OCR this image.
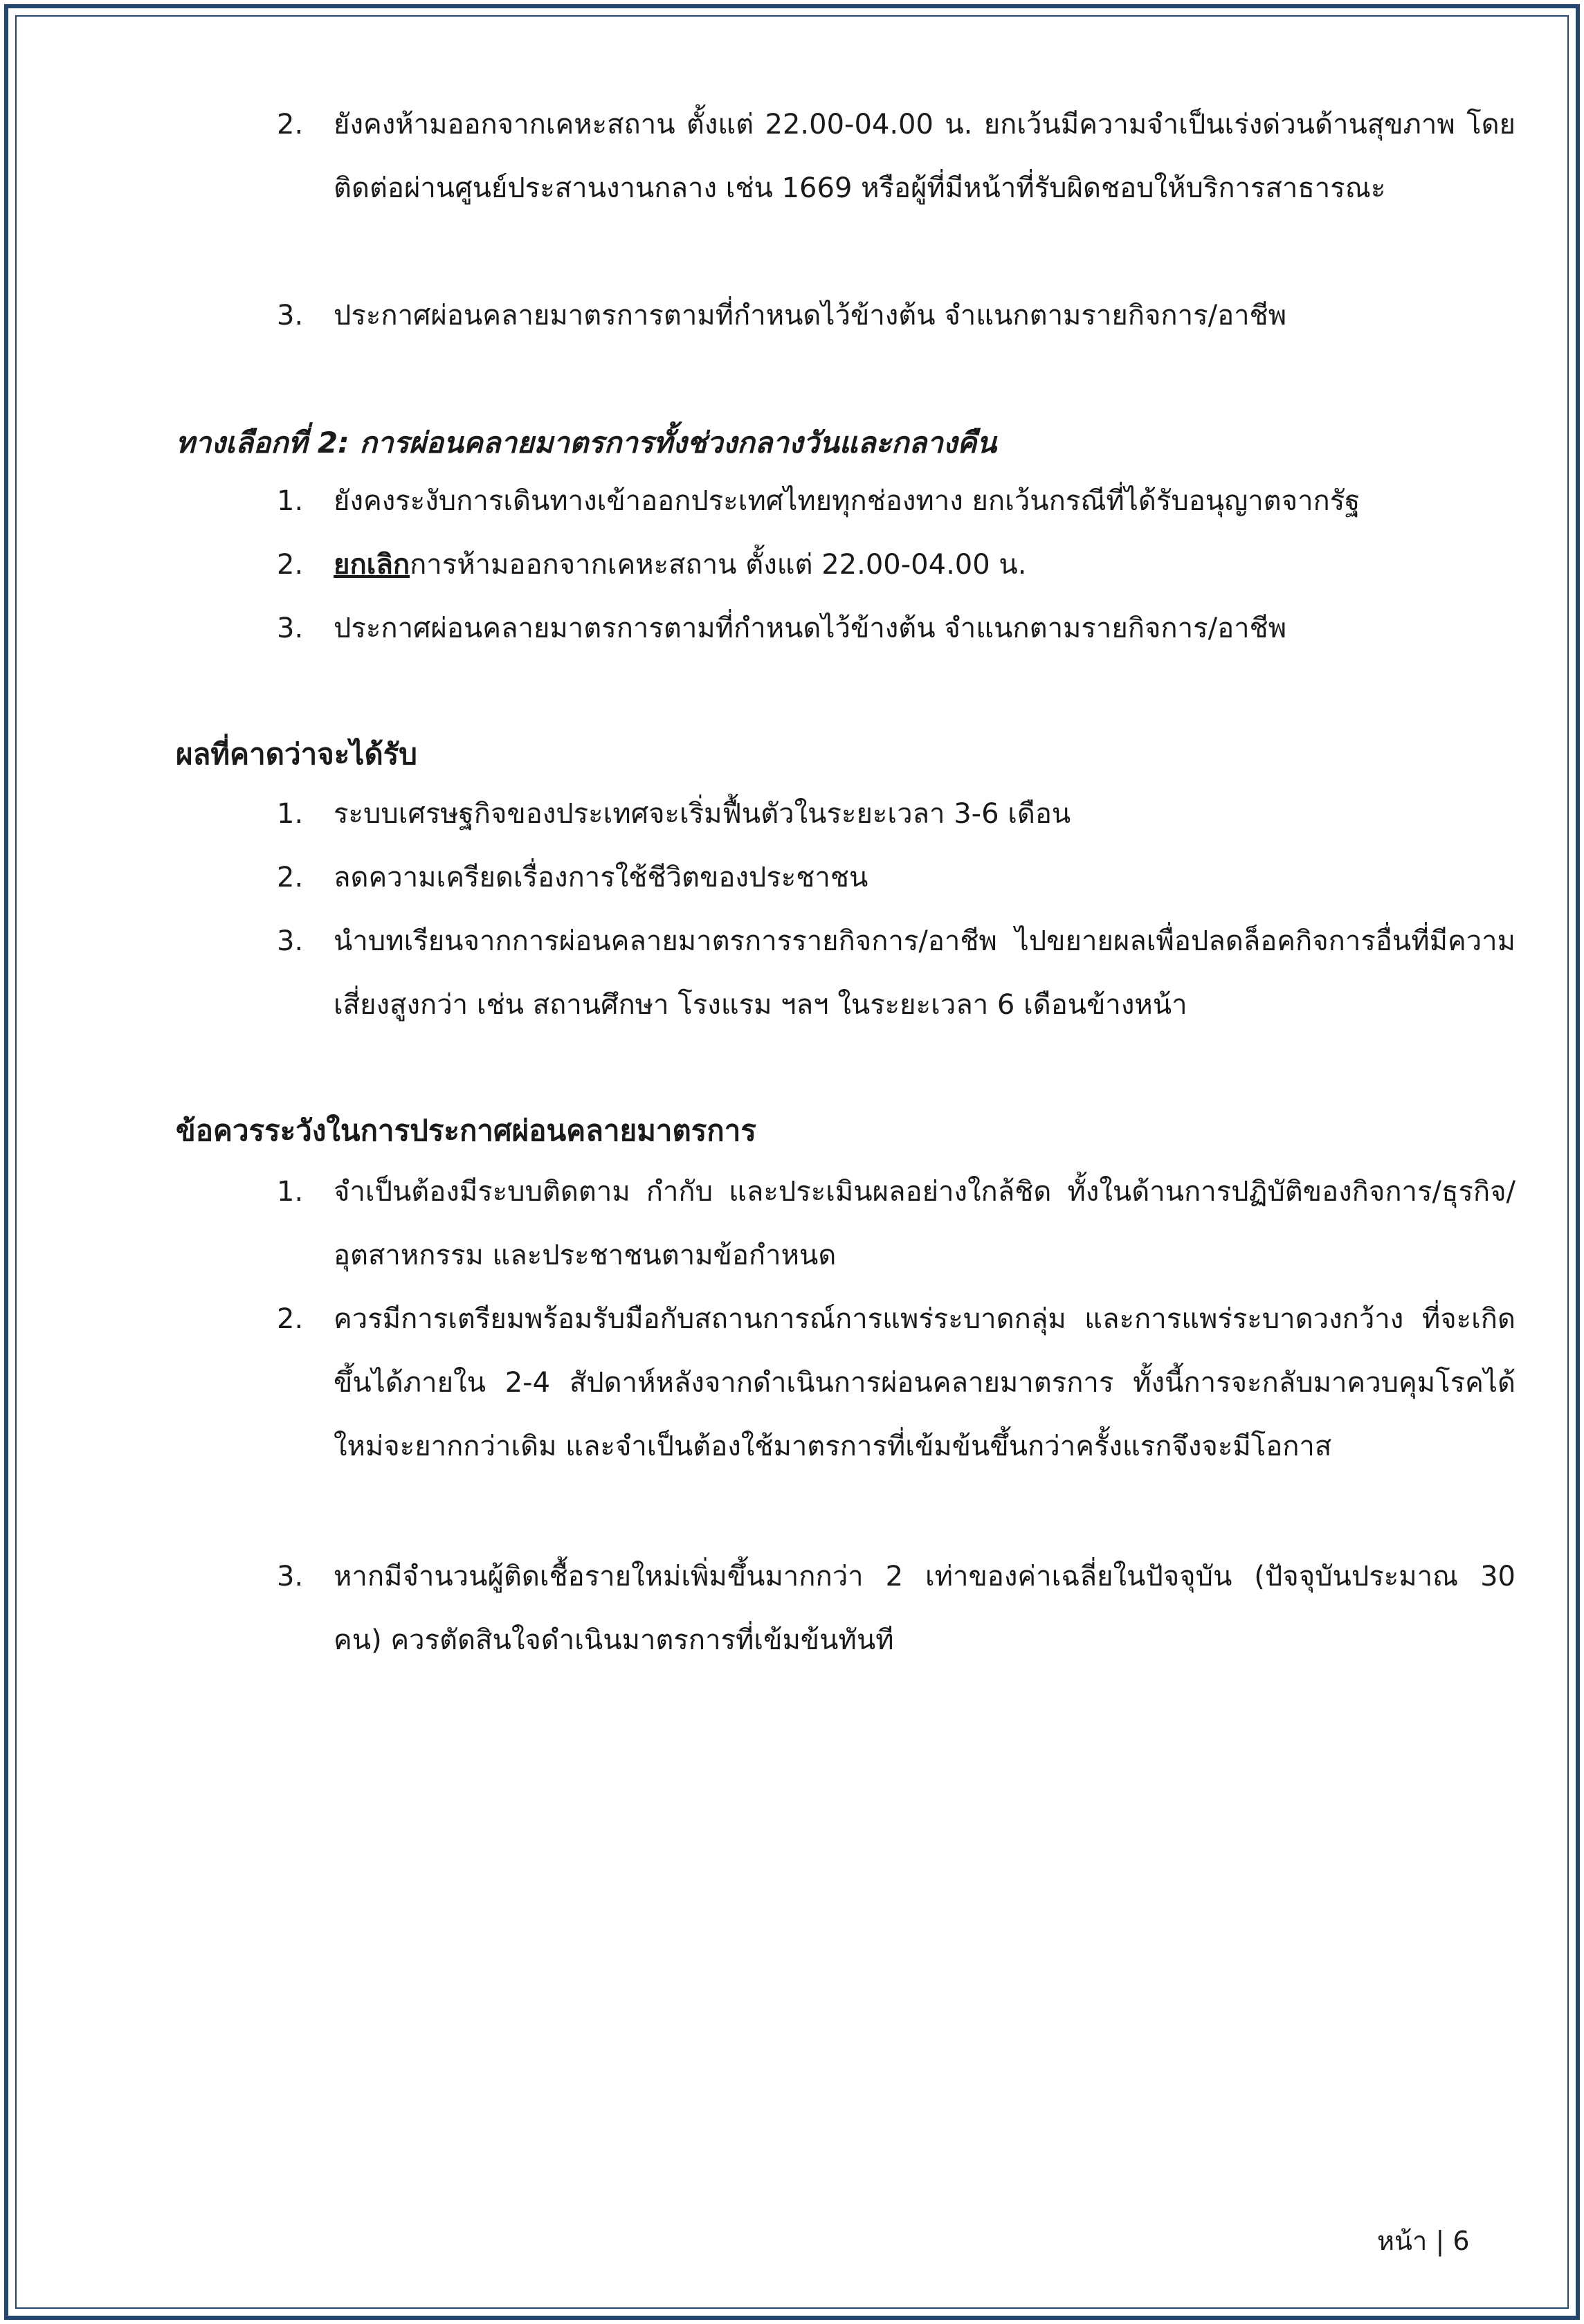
2.	ยังคงห้ามออกจากเคหะสถาน ตั้งแต่ 22.00-04.00 น. ยกเว้นมีความจำเป็นเร่งด่วนด้านสุขภาพ โดยติดต่อผ่านศูนย์ประสานงานกลาง เช่น 1669 หรือผู้ที่มีหน้าที่รับผิดชอบให้บริการสาธารณะ
3.	ประกาศผ่อนคลายมาตรการตามที่กำหนดไว้ข้างต้น จำแนกตามรายกิจการ/อาชีพ
ทางเลือกที่ 2: การผ่อนคลายมาตรการทั้งช่วงกลางวันและกลางคืน
1.	ยังคงระงับการเดินทางเข้าออกประเทศไทยทุกช่องทาง ยกเว้นกรณีที่ได้รับอนุญาตจากรัฐ
2.	ยกเลิกการห้ามออกจากเคหะสถาน ตั้งแต่ 22.00-04.00 น.
3.	ประกาศผ่อนคลายมาตรการตามที่กำหนดไว้ข้างต้น จำแนกตามรายกิจการ/อาชีพ
ผลที่คาดว่าจะได้รับ
1.	ระบบเศรษฐกิจของประเทศจะเริ่มฟื้นตัวในระยะเวลา 3-6 เดือน
2.	ลดความเครียดเรื่องการใช้ชีวิตของประชาชน
3.	นำบทเรียนจากการผ่อนคลายมาตรการรายกิจการ/อาชีพ ไปขยายผลเพื่อปลดล็อคกิจการอื่นที่มีความเสี่ยงสูงกว่า เช่น สถานศึกษา โรงแรม ฯลฯ ในระยะเวลา 6 เดือนข้างหน้า
ข้อควรระวังในการประกาศผ่อนคลายมาตรการ
1.	จำเป็นต้องมีระบบติดตาม กำกับ และประเมินผลอย่างใกล้ชิด ทั้งในด้านการปฏิบัติของกิจการ/ธุรกิจ/อุตสาหกรรม และประชาชนตามข้อกำหนด
2.	ควรมีการเตรียมพร้อมรับมือกับสถานการณ์การแพร่ระบาดกลุ่ม และการแพร่ระบาดวงกว้าง ที่จะเกิดขึ้นได้ภายใน 2-4 สัปดาห์หลังจากดำเนินการผ่อนคลายมาตรการ ทั้งนี้การจะกลับมาควบคุมโรคได้ใหม่จะยากกว่าเดิม และจำเป็นต้องใช้มาตรการที่เข้มข้นขึ้นกว่าครั้งแรกจึงจะมีโอกาส
3.	หากมีจำนวนผู้ติดเชื้อรายใหม่เพิ่มขึ้นมากกว่า 2 เท่าของค่าเฉลี่ยในปัจจุบัน (ปัจจุบันประมาณ 30 คน) ควรตัดสินใจดำเนินมาตรการที่เข้มข้นทันที
หน้า | 6
